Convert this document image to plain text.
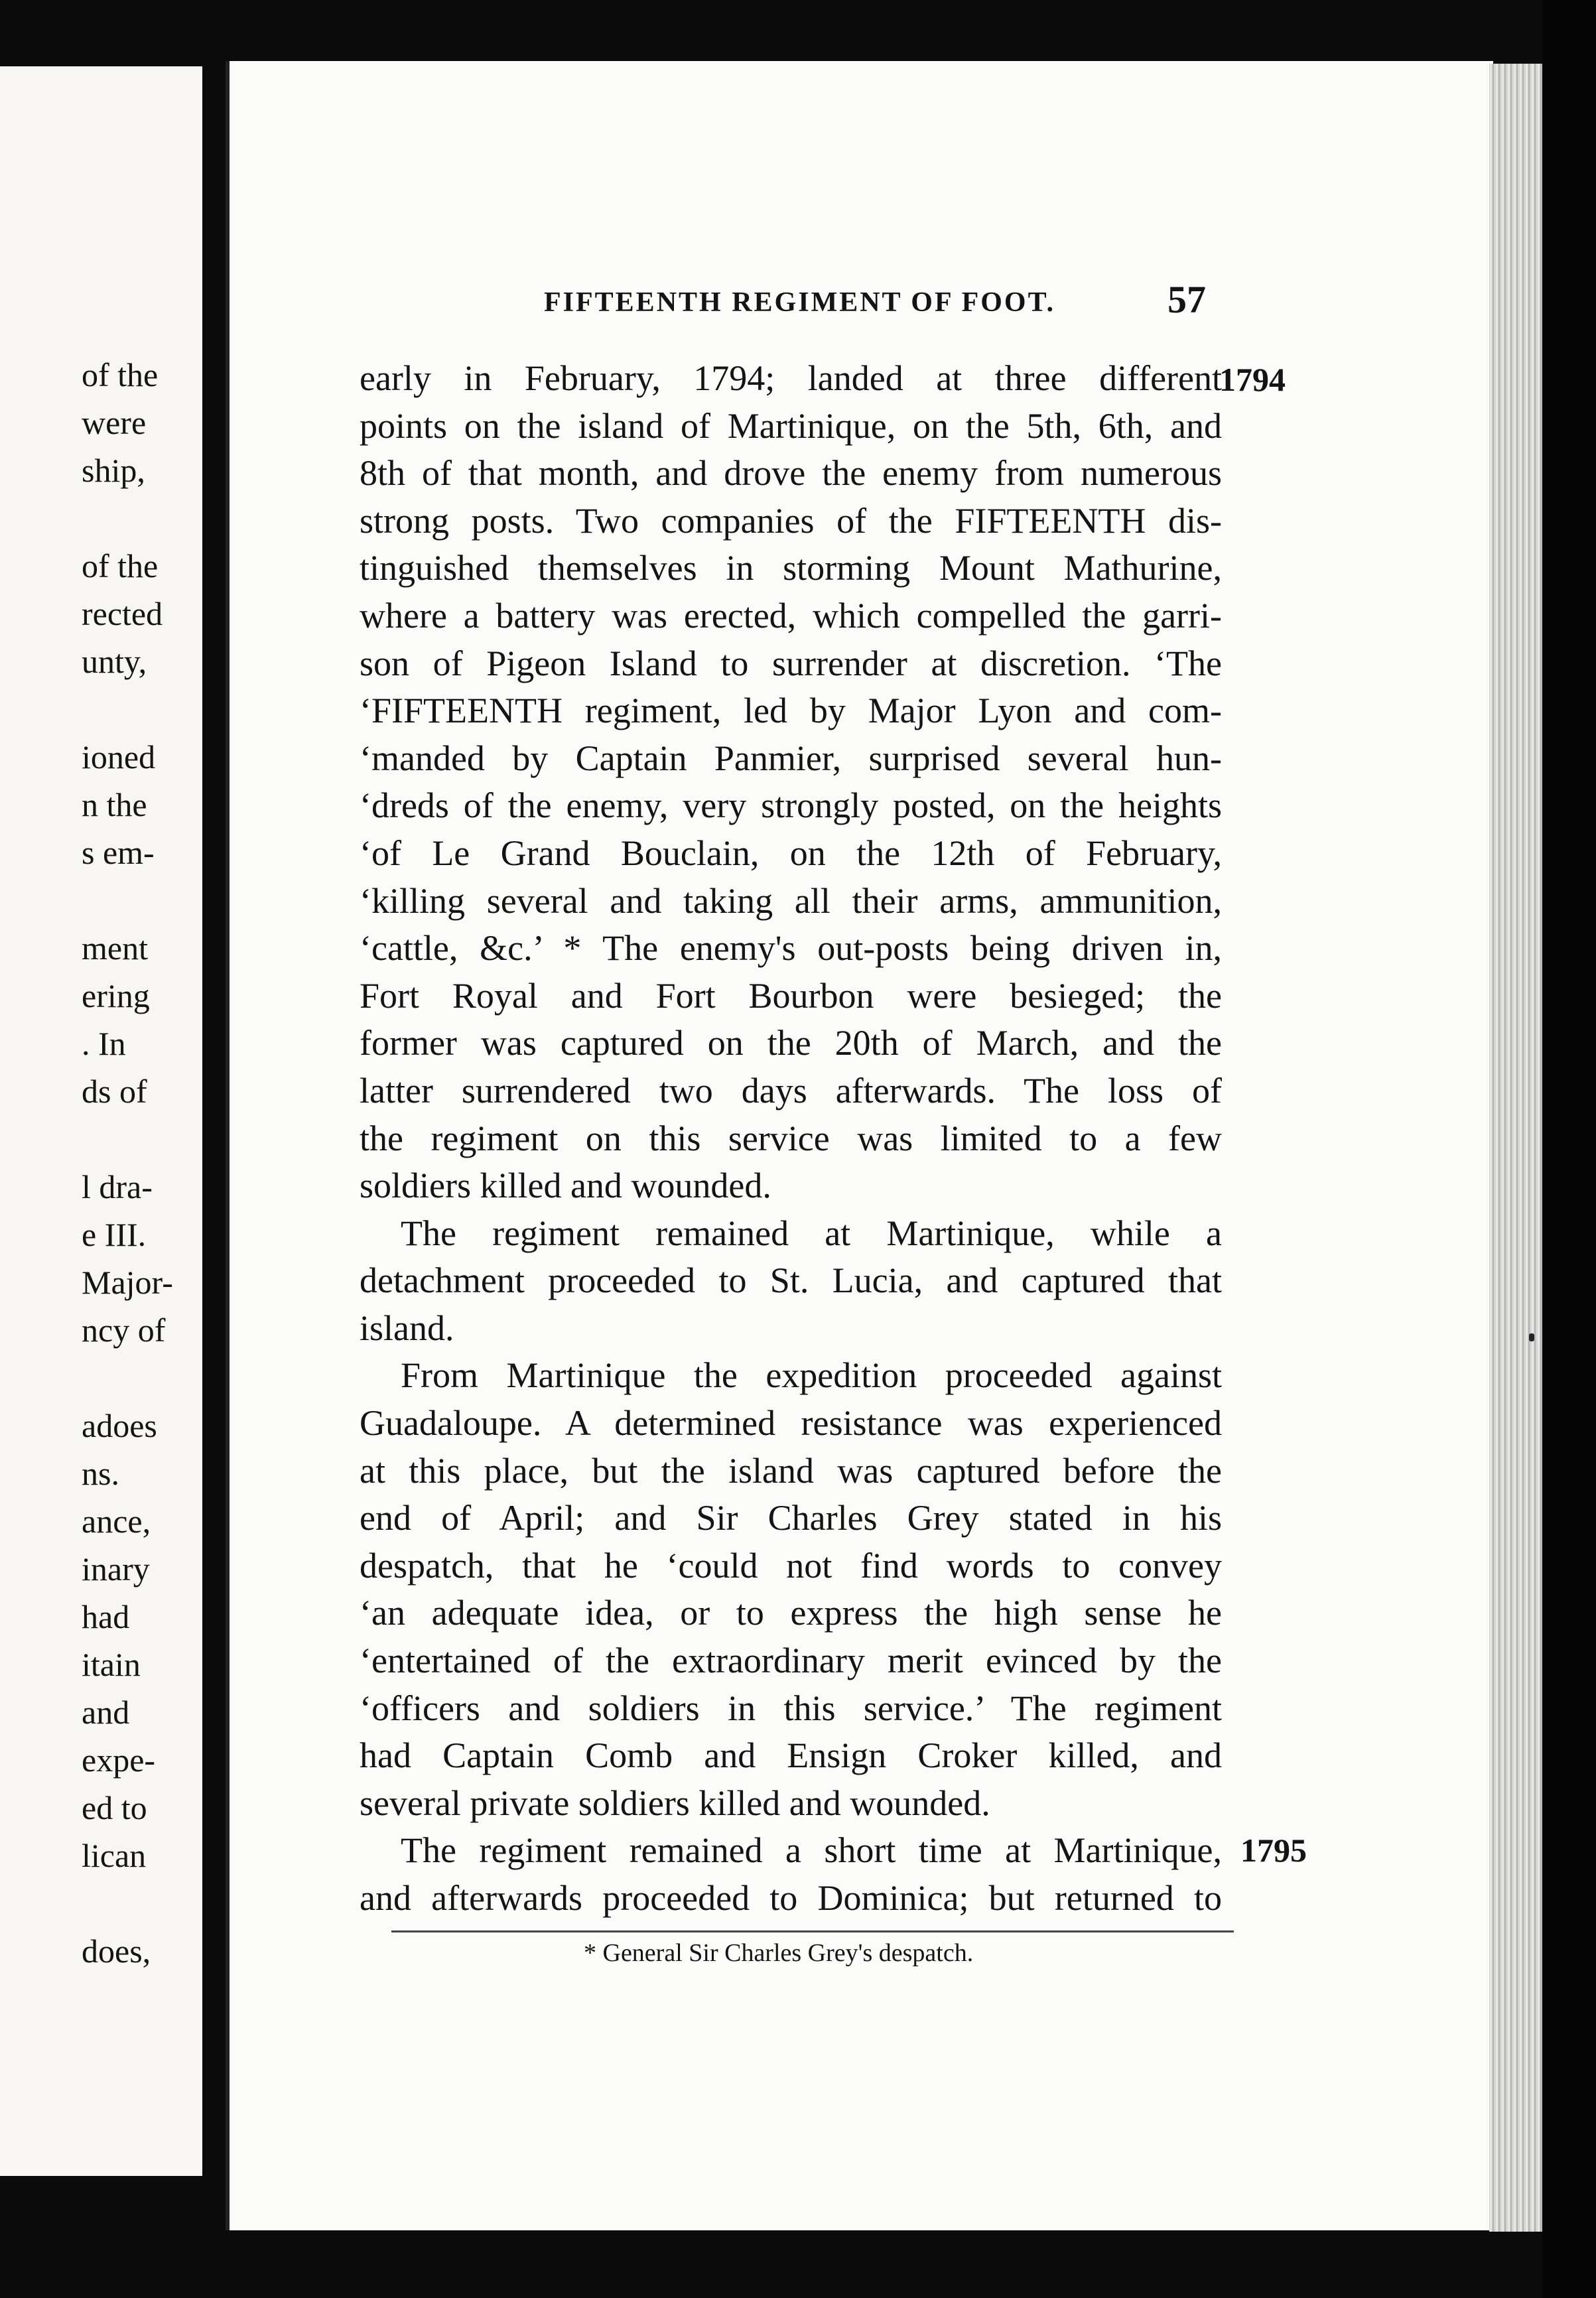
of the
were
ship,
of the
rected
unty,
ioned
n the
s em-
ment
ering
. In
ds of
l dra-
e III.
Major-
ncy of
adoes
ns.
ance,
inary
had
itain
and
expe-
ed to
lican
does,
FIFTEENTH REGIMENT OF FOOT.	57
early in February, 1794; landed at three different
points on the island of Martinique, on the 5th, 6th, and
8th of that month, and drove the enemy from numerous
strong posts. Two companies of the FIFTEENTH dis-
tinguished themselves in storming Mount Mathurine,
where a battery was erected, which compelled the garri-
son of Pigeon Island to surrender at discretion. ‘The
‘FIFTEENTH regiment, led by Major Lyon and com-
‘manded by Captain Panmier, surprised several hun-
‘dreds of the enemy, very strongly posted, on the heights
‘of Le Grand Bouclain, on the 12th of February,
‘killing several and taking all their arms, ammunition,
‘cattle, &c.’ * The enemy's out-posts being driven in,
Fort Royal and Fort Bourbon were besieged; the
former was captured on the 20th of March, and the
latter surrendered two days afterwards. The loss of
the regiment on this service was limited to a few
soldiers killed and wounded.
The regiment remained at Martinique, while a
detachment proceeded to St. Lucia, and captured that
island.
From Martinique the expedition proceeded against
Guadaloupe. A determined resistance was experienced
at this place, but the island was captured before the
end of April; and Sir Charles Grey stated in his
despatch, that he ‘could not find words to convey
‘an adequate idea, or to express the high sense he
‘entertained of the extraordinary merit evinced by the
‘officers and soldiers in this service.’ The regiment
had Captain Comb and Ensign Croker killed, and
several private soldiers killed and wounded.
The regiment remained a short time at Martinique,
and afterwards proceeded to Dominica; but returned to
1794
1795
* General Sir Charles Grey's despatch.
